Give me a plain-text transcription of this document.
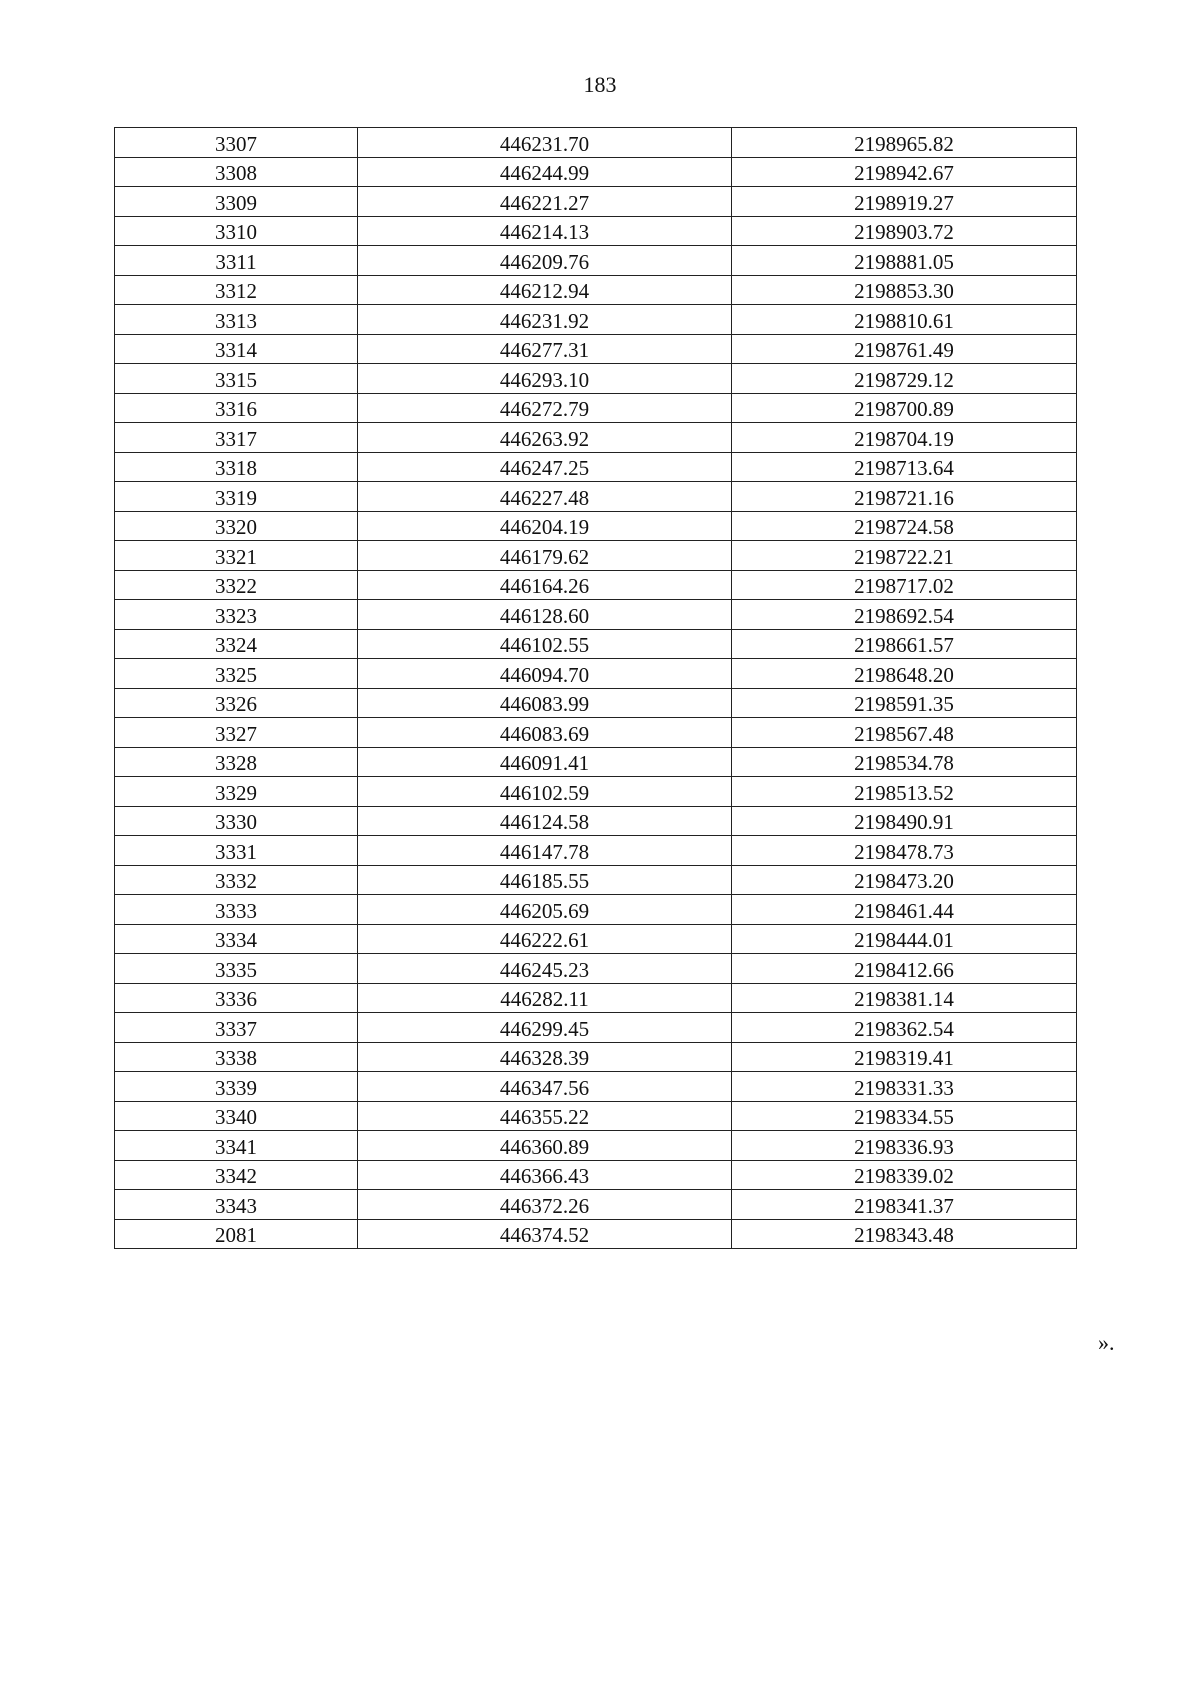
183
3307	446231.70	2198965.82
3308	446244.99	2198942.67
3309	446221.27	2198919.27
3310	446214.13	2198903.72
3311	446209.76	2198881.05
3312	446212.94	2198853.30
3313	446231.92	2198810.61
3314	446277.31	2198761.49
3315	446293.10	2198729.12
3316	446272.79	2198700.89
3317	446263.92	2198704.19
3318	446247.25	2198713.64
3319	446227.48	2198721.16
3320	446204.19	2198724.58
3321	446179.62	2198722.21
3322	446164.26	2198717.02
3323	446128.60	2198692.54
3324	446102.55	2198661.57
3325	446094.70	2198648.20
3326	446083.99	2198591.35
3327	446083.69	2198567.48
3328	446091.41	2198534.78
3329	446102.59	2198513.52
3330	446124.58	2198490.91
3331	446147.78	2198478.73
3332	446185.55	2198473.20
3333	446205.69	2198461.44
3334	446222.61	2198444.01
3335	446245.23	2198412.66
3336	446282.11	2198381.14
3337	446299.45	2198362.54
3338	446328.39	2198319.41
3339	446347.56	2198331.33
3340	446355.22	2198334.55
3341	446360.89	2198336.93
3342	446366.43	2198339.02
3343	446372.26	2198341.37
2081	446374.52	2198343.48
».
